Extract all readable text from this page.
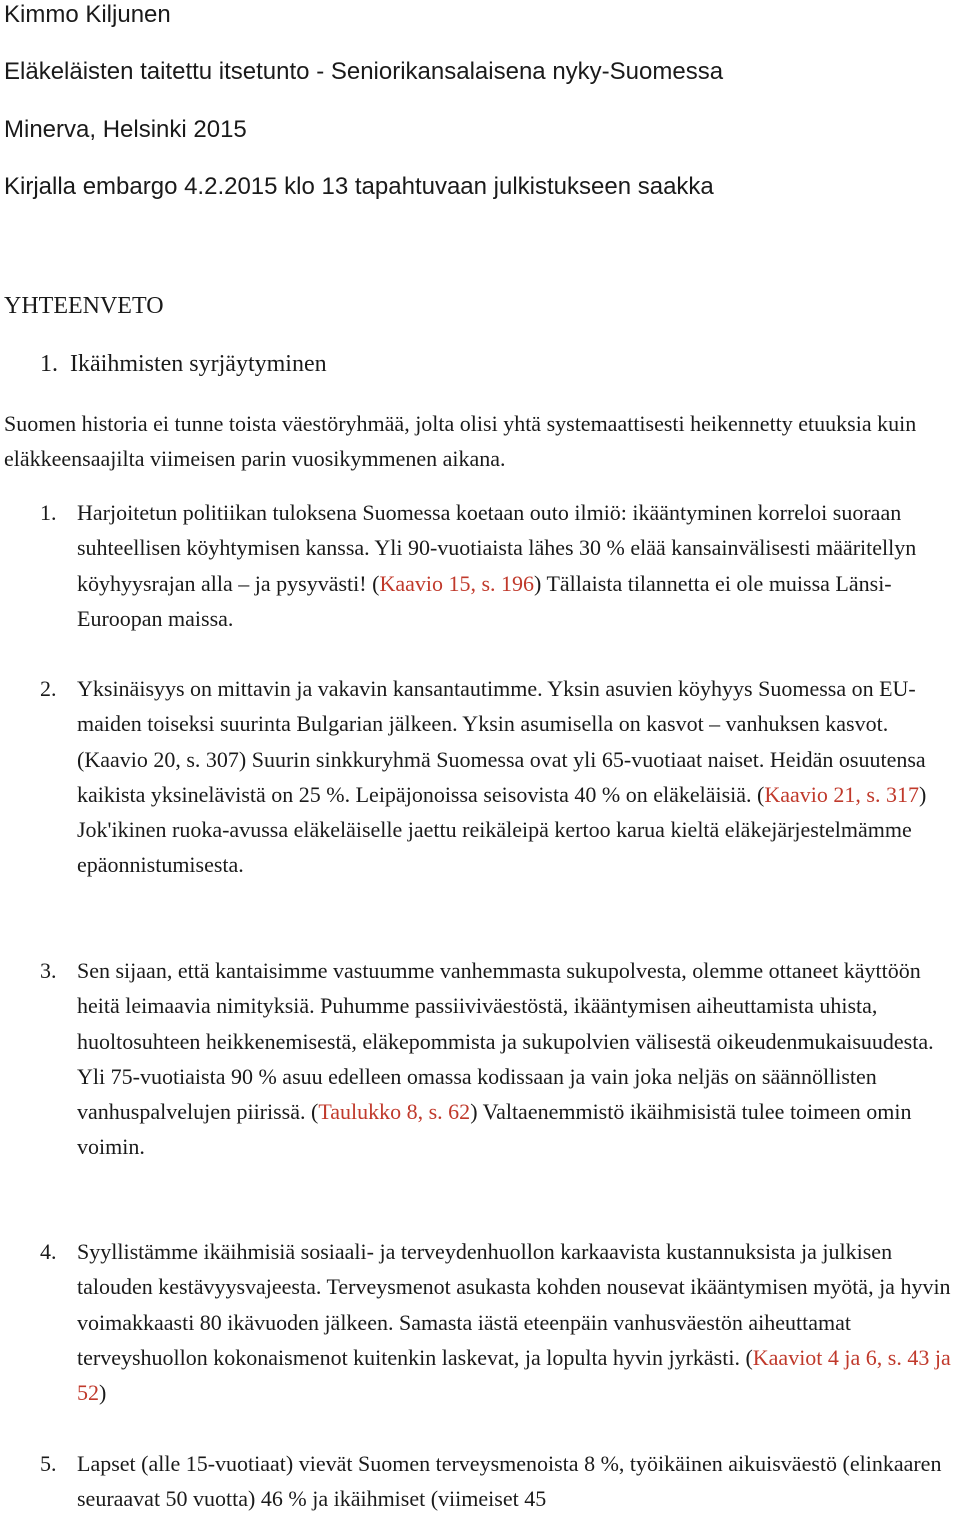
Kimmo Kiljunen
Eläkeläisten taitettu itsetunto - Seniorikansalaisena nyky-Suomessa
Minerva, Helsinki 2015
Kirjalla embargo 4.2.2015 klo 13 tapahtuvaan julkistukseen saakka
YHTEENVETO
1. Ikäihmisten syrjäytyminen
Suomen historia ei tunne toista väestöryhmää, jolta olisi yhtä systemaattisesti heikennetty etuuksia kuin eläkkeensaajilta viimeisen parin vuosikymmenen aikana.
1. Harjoitetun politiikan tuloksena Suomessa koetaan outo ilmiö: ikääntyminen korreloi suoraan suhteellisen köyhtymisen kanssa. Yli 90-vuotiaista lähes 30 % elää kansainvälisesti määritellyn köyhyysrajan alla – ja pysyvästi! (Kaavio 15, s. 196) Tällaista tilannetta ei ole muissa Länsi-Euroopan maissa.
2. Yksinäisyys on mittavin ja vakavin kansantautimme. Yksin asuvien köyhyys Suomessa on EU-maiden toiseksi suurinta Bulgarian jälkeen. Yksin asumisella on kasvot – vanhuksen kasvot. (Kaavio 20, s. 307) Suurin sinkkuryhmä Suomessa ovat yli 65-vuotiaat naiset. Heidän osuutensa kaikista yksinelävistä on 25 %. Leipäjonoissa seisovista 40 % on eläkeläisiä. (Kaavio 21, s. 317) Jok'ikinen ruoka-avussa eläkeläiselle jaettu reikäleipä kertoo karua kieltä eläkejärjestelmämme epäonnistumisesta.
3. Sen sijaan, että kantaisimme vastuumme vanhemmasta sukupolvesta, olemme ottaneet käyttöön heitä leimaavia nimityksiä. Puhumme passiiviväestöstä, ikääntymisen aiheuttamista uhista, huoltosuhteen heikkenemisestä, eläkepommista ja sukupolvien välisestä oikeudenmukaisuudesta. Yli 75-vuotiaista 90 % asuu edelleen omassa kodissaan ja vain joka neljäs on säännöllisten vanhuspalvelujen piirissä. (Taulukko 8, s. 62) Valtaenemmistö ikäihmisistä tulee toimeen omin voimin.
4. Syyllistämme ikäihmisiä sosiaali- ja terveydenhuollon karkaavista kustannuksista ja julkisen talouden kestävyysvajeesta. Terveysmenot asukasta kohden nousevat ikääntymisen myötä, ja hyvin voimakkaasti 80 ikävuoden jälkeen. Samasta iästä eteenpäin vanhusväestön aiheuttamat terveyshuollon kokonaismenot kuitenkin laskevat, ja lopulta hyvin jyrkästi. (Kaaviot 4 ja 6, s. 43 ja 52)
5. Lapset (alle 15-vuotiaat) vievät Suomen terveysmenoista 8 %, työikäinen aikuisväestö (elinkaaren seuraavat 50 vuotta) 46 % ja ikäihmiset (viimeiset 45
